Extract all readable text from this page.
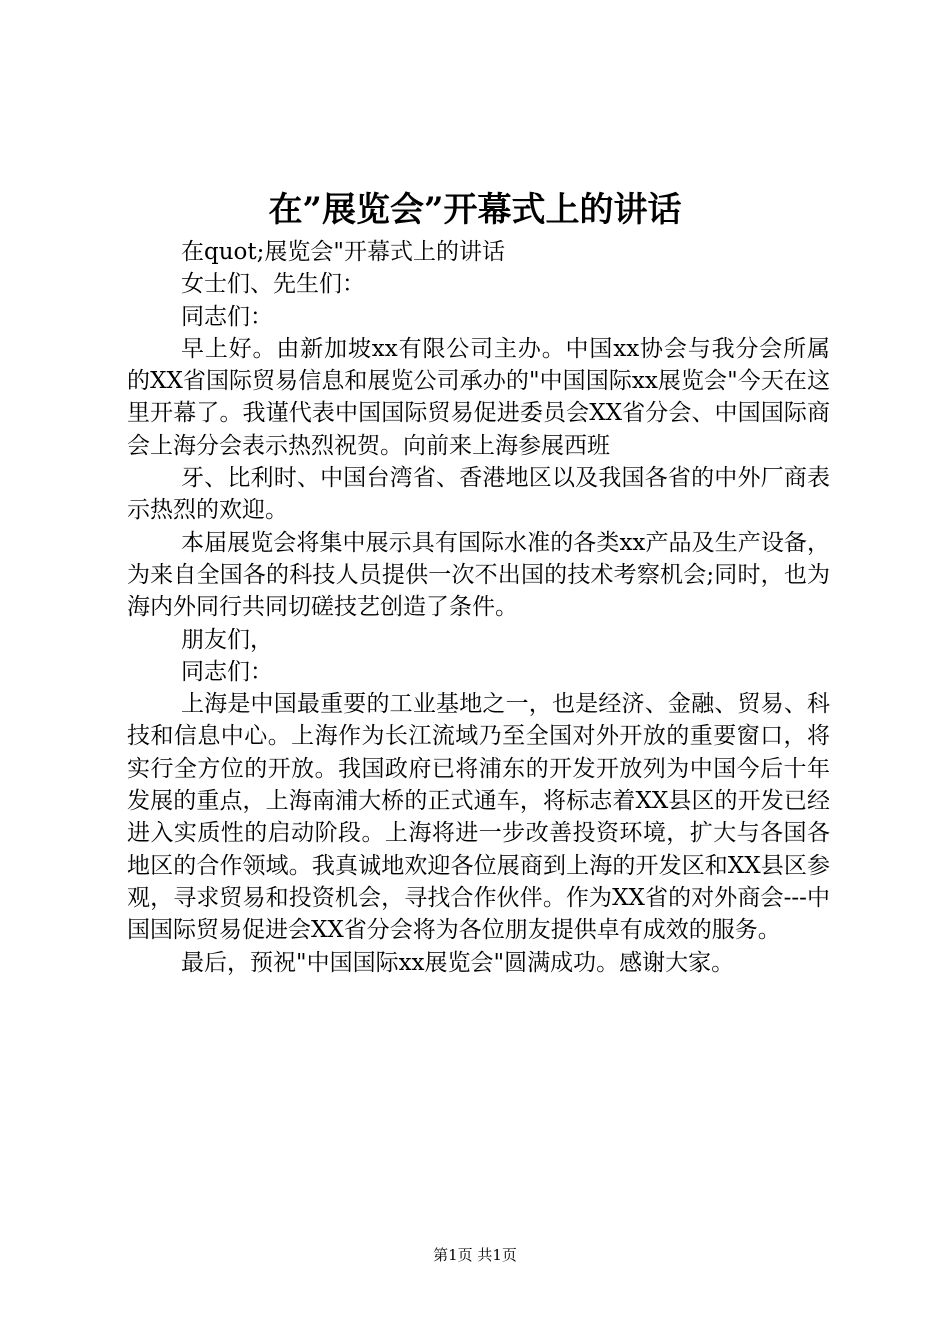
在”展览会”开幕式上的讲话

在quot;展览会"开幕式上的讲话

女士们、先生们：

同志们：

早上好。由新加坡xx有限公司主办。中国xx协会与我分会所属的XX省国际贸易信息和展览公司承办的"中国国际xx展览会"今天在这里开幕了。我谨代表中国国际贸易促进委员会XX省分会、中国国际商会上海分会表示热烈祝贺。向前来上海参展西班

牙、比利时、中国台湾省、香港地区以及我国各省的中外厂商表示热烈的欢迎。

本届展览会将集中展示具有国际水准的各类xx产品及生产设备，为来自全国各的科技人员提供一次不出国的技术考察机会;同时，也为海内外同行共同切磋技艺创造了条件。

朋友们，

同志们：

上海是中国最重要的工业基地之一，也是经济、金融、贸易、科技和信息中心。上海作为长江流域乃至全国对外开放的重要窗口，将实行全方位的开放。我国政府已将浦东的开发开放列为中国今后十年发展的重点，上海南浦大桥的正式通车，将标志着XX县区的开发已经进入实质性的启动阶段。上海将进一步改善投资环境，扩大与各国各地区的合作领域。我真诚地欢迎各位展商到上海的开发区和XX县区参观，寻求贸易和投资机会，寻找合作伙伴。作为XX省的对外商会---中国国际贸易促进会XX省分会将为各位朋友提供卓有成效的服务。

最后，预祝"中国国际xx展览会"圆满成功。感谢大家。

第1页 共1页
